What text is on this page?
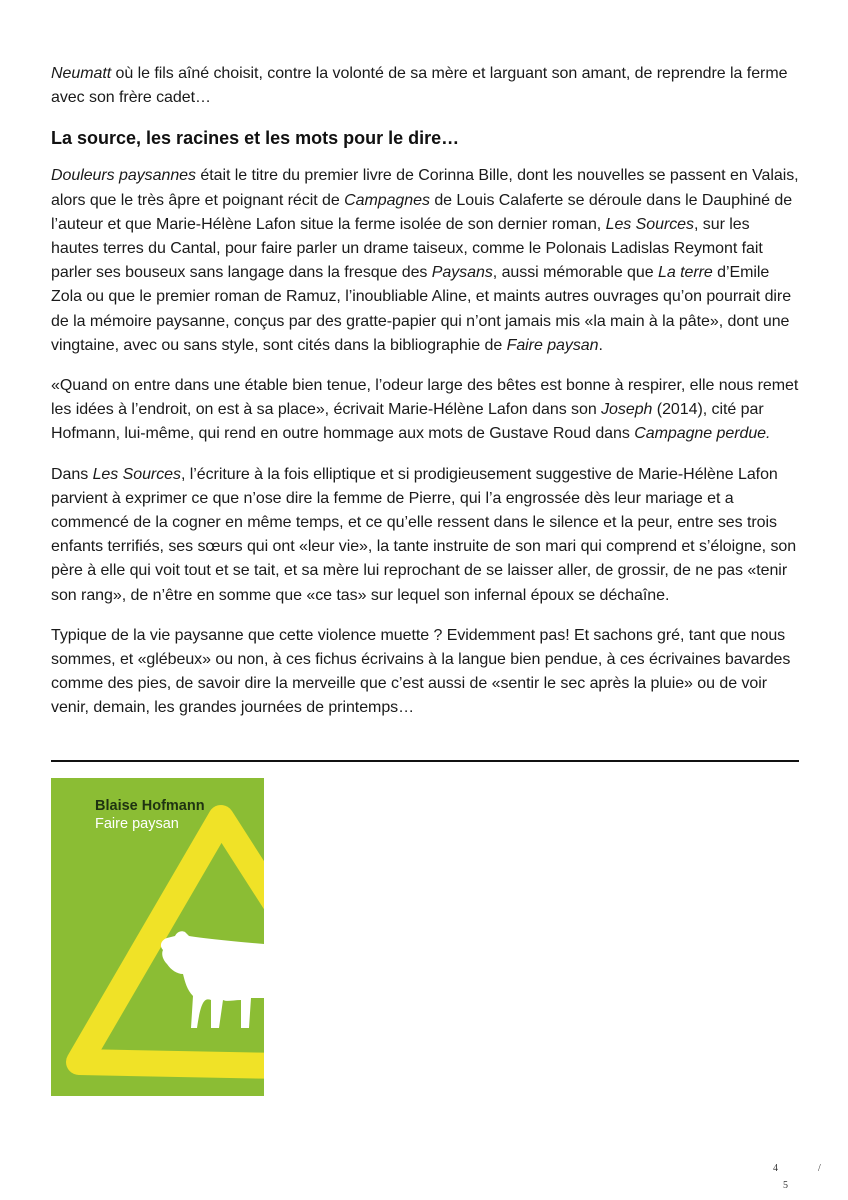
Neumatt où le fils aîné choisit, contre la volonté de sa mère et larguant son amant, de reprendre la ferme avec son frère cadet…

La source, les racines et les mots pour le dire…

Douleurs paysannes était le titre du premier livre de Corinna Bille, dont les nouvelles se passent en Valais, alors que le très âpre et poignant récit de Campagnes de Louis Calaferte se déroule dans le Dauphiné de l’auteur et que Marie-Hélène Lafon situe la ferme isolée de son dernier roman, Les Sources, sur les hautes terres du Cantal, pour faire parler un drame taiseux, comme le Polonais Ladislas Reymont fait parler ses bouseux sans langage dans la fresque des Paysans, aussi mémorable que La terre d’Emile Zola ou que le premier roman de Ramuz, l’inoubliable Aline, et maints autres ouvrages qu’on pourrait dire de la mémoire paysanne, conçus par des gratte-papier qui n’ont jamais mis «la main à la pâte», dont une vingtaine, avec ou sans style, sont cités dans la bibliographie de Faire paysan.

«Quand on entre dans une étable bien tenue, l’odeur large des bêtes est bonne à respirer, elle nous remet les idées à l’endroit, on est à sa place», écrivait Marie-Hélène Lafon dans son Joseph (2014), cité par Hofmann, lui-même, qui rend en outre hommage aux mots de Gustave Roud dans Campagne perdue.

Dans Les Sources, l’écriture à la fois elliptique et si prodigieusement suggestive de Marie-Hélène Lafon parvient à exprimer ce que n’ose dire la femme de Pierre, qui l’a engrossée dès leur mariage et a commencé de la cogner en même temps, et ce qu’elle ressent dans le silence et la peur, entre ses trois enfants terrifiés, ses sœurs qui ont «leur vie», la tante instruite de son mari qui comprend et s’éloigne, son père à elle qui voit tout et se tait, et sa mère lui reprochant de se laisser aller, de grossir, de ne pas «tenir son rang», de n’être en somme que «ce tas» sur lequel son infernal époux se déchaîne.

Typique de la vie paysanne que cette violence muette ? Evidemment pas! Et sachons gré, tant que nous sommes, et «glébeux» ou non, à ces fichus écrivains à la langue bien pendue, à ces écrivaines bavardes comme des pies, de savoir dire la merveille que c’est aussi de «sentir le sec après la pluie» ou de voir venir, demain, les grandes journées de printemps…

Blaise Hofmann
Faire paysan
4	/
5
